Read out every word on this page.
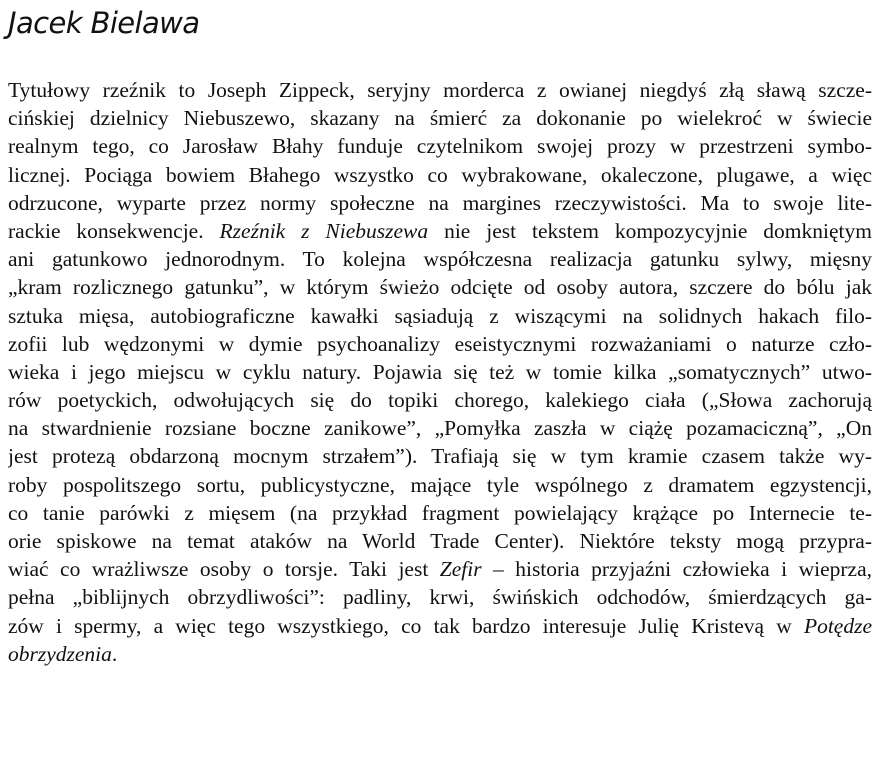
Jacek Bielawa
Tytułowy rzeźnik to Joseph Zippeck, seryjny morderca z owianej niegdyś złą sławą szcze-
cińskiej dzielnicy Niebuszewo, skazany na śmierć za dokonanie po wielekroć w świecie
realnym tego, co Jarosław Błahy funduje czytelnikom swojej prozy w przestrzeni symbo-
licznej. Pociąga bowiem Błahego wszystko co wybrakowane, okaleczone, plugawe, a więc
odrzucone, wyparte przez normy społeczne na margines rzeczywistości. Ma to swoje lite-
rackie konsekwencje. Rzeźnik z Niebuszewa nie jest tekstem kompozycyjnie domkniętym
ani gatunkowo jednorodnym. To kolejna współczesna realizacja gatunku sylwy, mięsny
„kram rozlicznego gatunku”, w którym świeżo odcięte od osoby autora, szczere do bólu jak
sztuka mięsa, autobiograficzne kawałki sąsiadują z wiszącymi na solidnych hakach filo-
zofii lub wędzonymi w dymie psychoanalizy eseistycznymi rozważaniami o naturze czło-
wieka i jego miejscu w cyklu natury. Pojawia się też w tomie kilka „somatycznych” utwo-
rów poetyckich, odwołujących się do topiki chorego, kalekiego ciała („Słowa zachorują
na stwardnienie rozsiane boczne zanikowe”, „Pomyłka zaszła w ciążę pozamaciczną”, „On
jest protezą obdarzoną mocnym strzałem”). Trafiają się w tym kramie czasem także wy-
roby pospolitszego sortu, publicystyczne, mające tyle wspólnego z dramatem egzystencji,
co tanie parówki z mięsem (na przykład fragment powielający krążące po Internecie te-
orie spiskowe na temat ataków na World Trade Center). Niektóre teksty mogą przypra-
wiać co wrażliwsze osoby o torsje. Taki jest Zefir – historia przyjaźni człowieka i wieprza,
pełna „biblijnych obrzydliwości”: padliny, krwi, świńskich odchodów, śmierdzących ga-
zów i spermy, a więc tego wszystkiego, co tak bardzo interesuje Julię Kristevą w Potędze
obrzydzenia.
